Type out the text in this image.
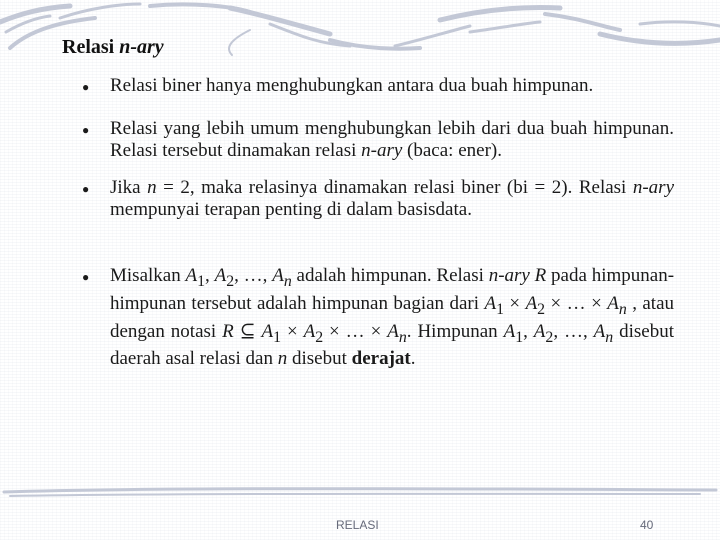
Relasi n-ary
●	Relasi biner hanya menghubungkan antara dua buah himpunan.
●	Relasi yang lebih umum menghubungkan lebih dari dua buah himpunan. Relasi tersebut dinamakan relasi n-ary (baca: ener).
●	Jika n = 2, maka relasinya dinamakan relasi biner (bi = 2). Relasi n-ary mempunyai terapan penting di dalam basisdata.
●	Misalkan $A_1$, $A_2$, …, $A_n$ adalah himpunan. Relasi n-ary R pada himpunan-himpunan tersebut adalah himpunan bagian dari $A_1 \times A_2$ × … × $A_n$ , atau dengan notasi R ⊆ $A_1 \times A_2$ × … × $A_n$. Himpunan $A_1$, $A_2$, …, $A_n$ disebut daerah asal relasi dan n disebut derajat.
RELASI	40
